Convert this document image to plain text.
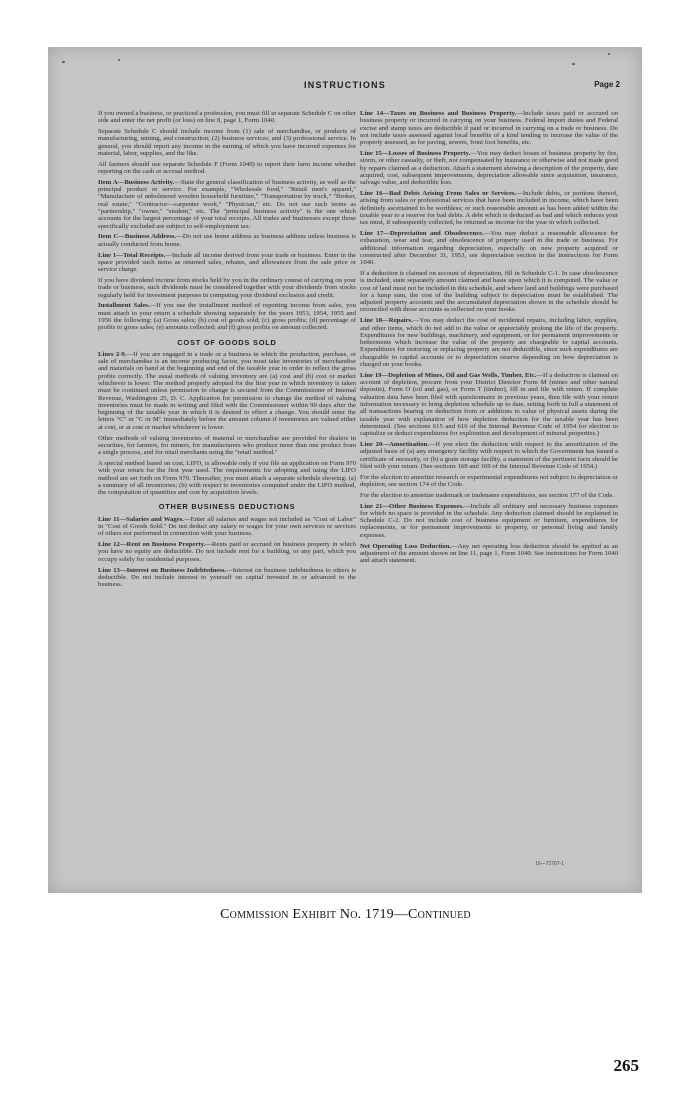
INSTRUCTIONS	Page 2

If you owned a business, or practiced a profession, you must fill in separate Schedule C on other side and enter the net profit (or loss) on line 8, page 1, Form 1040.

Separate Schedule C should include income from (1) sale of merchandise, or products of manufacturing, mining, and construction; (2) business services; and (3) professional service. In general, you should report any income in the earning of which you have incurred expenses for material, labor, supplies, and the like.

All farmers should use separate Schedule F (Form 1040) to report their farm income whether reporting on the cash or accrual method.

Item A—Business Activity.—State the general classification of business activity, as well as the principal product or service. For example, "Wholesale food," "Retail men's apparel," "Manufacture of unbolstered wooden household furniture," "Transportation by truck," "Broker, real estate," "Contractor—carpenter work," "Physician," etc. Do not use such terms as "partnership," "owner," "student," etc. The "principal business activity" is the one which accounts for the largest percentage of your total receipts. All trades and businesses except those specifically excluded are subject to self-employment tax.

Item C—Business Address.—Do not use home address as business address unless business is actually conducted from home.

Line 1—Total Receipts.—Include all income derived from your trade or business. Enter in the space provided such items as returned sales, rebates, and allowances from the sale price or service charge.

If you have dividend income from stocks held by you in the ordinary course of carrying on your trade or business, such dividends must be considered together with your dividends from stocks regularly held for investment purposes in computing your dividend exclusion and credit.

Installment Sales.—If you use the installment method of reporting income from sales, you must attach to your return a schedule showing separately for the years 1953, 1954, 1955 and 1956 the following: (a) Gross sales; (b) cost of goods sold; (c) gross profits; (d) percentage of profits to gross sales; (e) amounts collected; and (f) gross profits on amount collected.

COST OF GOODS SOLD

Lines 2-9.—If you are engaged in a trade or a business in which the production, purchase, or sale of merchandise is an income producing factor, you must take inventories of merchandise and materials on hand at the beginning and end of the taxable year in order to reflect the gross profits correctly. The usual methods of valuing inventory are (a) cost and (b) cost or market whichever is lower. The method properly adopted for the first year in which inventory is taken must be continued unless permission to change is secured from the Commissioner of Internal Revenue, Washington 25, D. C. Application for permission to change the method of valuing inventories must be made in writing and filed with the Commissioner within 90 days after the beginning of the taxable year in which it is desired to effect a change. You should enter the letters "C" or "C or M" immediately before the amount column if inventories are valued either at cost, or at cost or market whichever is lower.

Other methods of valuing inventories of material or merchandise are provided for dealers in securities, for farmers, for miners, for manufacturers who produce more than one product from a single process, and for retail merchants using the "retail method."

A special method based on cost, LIFO, is allowable only if you file an application on Form 970 with your return for the first year used. The requirements for adopting and using the LIFO method are set forth on Form 970. Thereafter, you must attach a separate schedule showing: (a) a summary of all inventories; (b) with respect to inventories computed under the LIFO method, the computation of quantities and cost by acquisition levels.

OTHER BUSINESS DEDUCTIONS

Line 11—Salaries and Wages.—Enter all salaries and wages not included as "Cost of Labor" in "Cost of Goods Sold." Do not deduct any salary or wages for your own services or services of others not performed in connection with your business.

Line 12—Rent on Business Property.—Rents paid or accrued on business property in which you have no equity are deductible. Do not include rent for a building, or any part, which you occupy solely for residential purposes.

Line 13—Interest on Business Indebtedness.—Interest on business indebtedness to others is deductible. Do not include interest to yourself on capital invested in or advanced to the business.

Line 14—Taxes on Business and Business Property.—Include taxes paid or accrued on business property or incurred in carrying on your business. Federal import duties and Federal excise and stamp taxes are deductible if paid or incurred in carrying on a trade or business. Do not include taxes assessed against local benefits of a kind tending to increase the value of the property assessed, as for paving, sewers, front foot benefits, etc.

Line 15—Losses of Business Property.—You may deduct losses of business property by fire, storm, or other casualty, or theft, not compensated by insurance or otherwise and not made good by repairs claimed as a deduction. Attach a statement showing a description of the property, date acquired, cost, subsequent improvements, depreciation allowable since acquisition, insurance, salvage value, and deductible loss.

Line 16—Bad Debts Arising From Sales or Services.—Include debts, or portions thereof, arising from sales or professional services that have been included in income, which have been definitely ascertained to be worthless; or such reasonable amount as has been added within the taxable year to a reserve for bad debts. A debt which is deducted as bad and which reduces your tax must, if subsequently collected, be returned as income for the year in which collected.

Line 17—Depreciation and Obsolescence.—You may deduct a reasonable allowance for exhaustion, wear and tear, and obsolescence of property used in the trade or business. For additional information regarding depreciation, especially on new property acquired or constructed after December 31, 1953, see depreciation section in the instructions for Form 1040.

If a deduction is claimed on account of depreciation, fill in Schedule C-1. In case obsolescence is included, state separately amount claimed and basis upon which it is computed. The value or cost of land must not be included in this schedule, and where land and buildings were purchased for a lump sum, the cost of the building subject to depreciation must be established. The adjusted property accounts and the accumulated depreciation shown in the schedule should be reconciled with those accounts as reflected on your books.

Line 18—Repairs.—You may deduct the cost of incidental repairs, including labor, supplies, and other items, which do not add to the value or appreciably prolong the life of the property. Expenditures for new buildings, machinery, and equipment, or for permanent improvements or betterments which increase the value of the property are chargeable to capital accounts. Expenditures for restoring or replacing property are not deductible, since such expenditures are chargeable to capital accounts or to depreciation reserve depending on how depreciation is charged on your books.

Line 19—Depletion of Mines, Oil and Gas Wells, Timber, Etc.—If a deduction is claimed on account of depletion, procure from your District Director Form M (mines and other natural deposits), Form O (oil and gas), or Form T (timber), fill in and file with return. If complete valuation data have been filed with questionnaire in previous years, then file with your return information necessary to bring depletion schedule up to date, setting forth in full a statement of all transactions bearing on deduction from or additions to value of physical assets during the taxable year with explanation of how depletion deduction for the taxable year has been determined. (See sections 615 and 616 of the Internal Revenue Code of 1954 for election to capitalize or deduct expenditures for exploration and development of mineral properties.)

Line 20—Amortization.—If you elect the deduction with respect to the amortization of the adjusted basis of (a) any emergency facility with respect to which the Government has issued a certificate of necessity, or (b) a grain storage facility, a statement of the pertinent facts should be filed with your return. (See sections 168 and 169 of the Internal Revenue Code of 1954.)

For the election to amortize research or experimental expenditures not subject to depreciation or depletion, see section 174 of the Code.

For the election to amortize trademark or tradename expenditures, see section 177 of the Code.

Line 21—Other Business Expenses.—Include all ordinary and necessary business expenses for which no space is provided in the schedule. Any deduction claimed should be explained in Schedule C-2. Do not include cost of business equipment or furniture, expenditures for replacements, or for permanent improvements to property, or personal living and family expenses.

Net Operating Loss Deduction.—Any net operating loss deduction should be applied as an adjustment of the amount shown on line 11, page 1, Form 1040. See instructions for Form 1040 and attach statement.

16—72767-1
Commission Exhibit No. 1719—Continued
Commission Exhibit No. 1719—Continued
265
